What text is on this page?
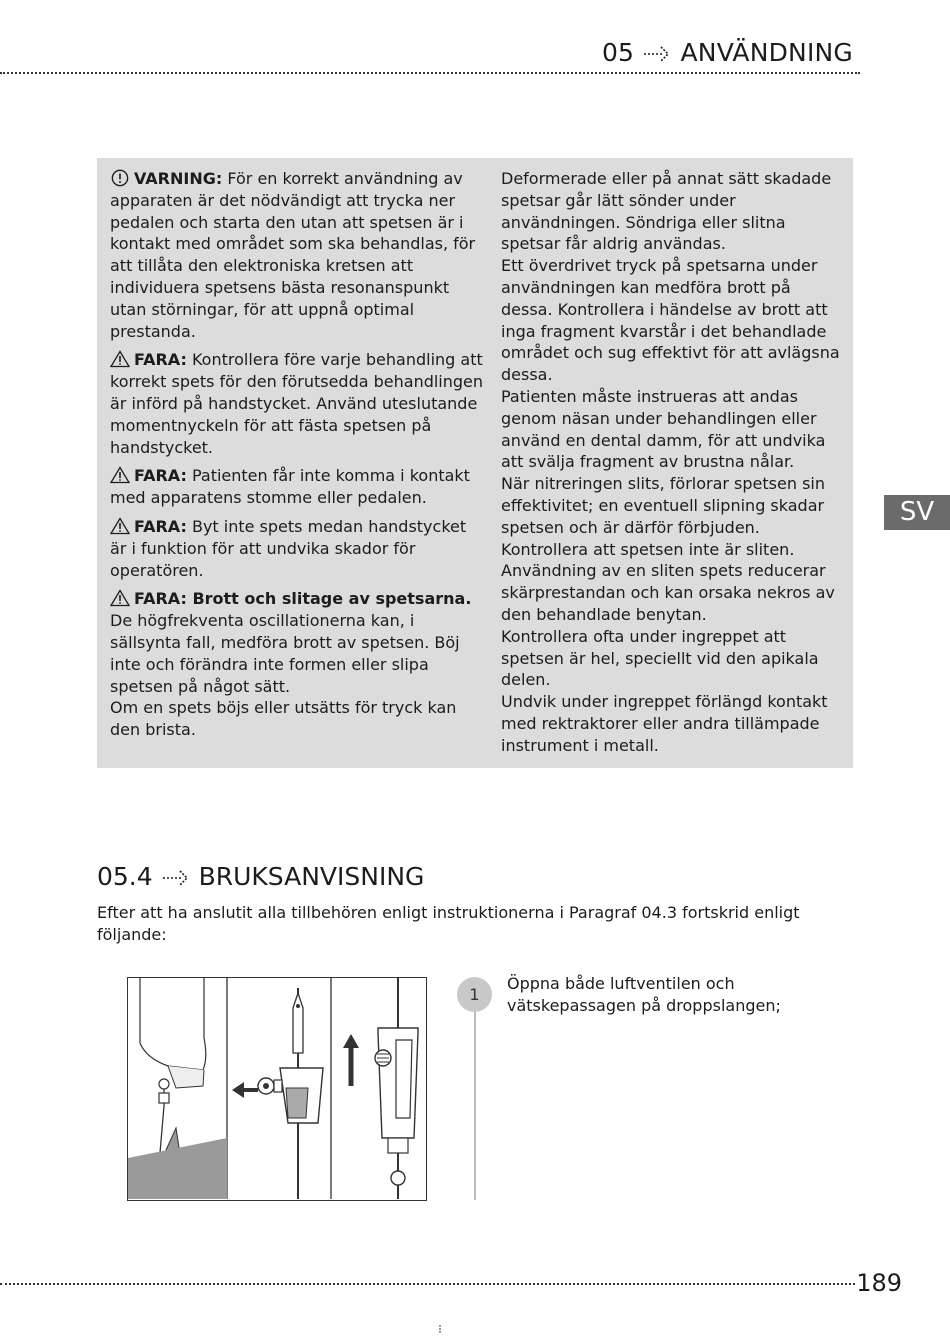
05 ANVÄNDNING

VARNING: För en korrekt användning av apparaten är det nödvändigt att trycka ner pedalen och starta den utan att spetsen är i kontakt med området som ska behandlas, för att tillåta den elektroniska kretsen att individuera spetsens bästa resonanspunkt utan störningar, för att uppnå optimal prestanda.

FARA: Kontrollera före varje behandling att korrekt spets för den förutsedda behandlingen är införd på handstycket. Använd uteslutande momentnyckeln för att fästa spetsen på handstycket.

FARA: Patienten får inte komma i kontakt med apparatens stomme eller pedalen.

FARA: Byt inte spets medan handstycket är i funktion för att undvika skador för operatören.

FARA: Brott och slitage av spetsarna.
De högfrekventa oscillationerna kan, i sällsynta fall, medföra brott av spetsen. Böj inte och förändra inte formen eller slipa spetsen på något sätt.
Om en spets böjs eller utsätts för tryck kan den brista.

Deformerade eller på annat sätt skadade spetsar går lätt sönder under användningen. Söndriga eller slitna spetsar får aldrig användas.
Ett överdrivet tryck på spetsarna under användningen kan medföra brott på dessa. Kontrollera i händelse av brott att inga fragment kvarstår i det behandlade området och sug effektivt för att avlägsna dessa.
Patienten måste instrueras att andas genom näsan under behandlingen eller använd en dental damm, för att undvika att svälja fragment av brustna nålar.
När nitreringen slits, förlorar spetsen sin effektivitet; en eventuell slipning skadar spetsen och är därför förbjuden.
Kontrollera att spetsen inte är sliten.
Användning av en sliten spets reducerar skärprestandan och kan orsaka nekros av den behandlade benytan.
Kontrollera ofta under ingreppet att spetsen är hel, speciellt vid den apikala delen.
Undvik under ingreppet förlängd kontakt med rektraktorer eller andra tillämpade instrument i metall.
SV
05.4 BRUKSANVISNING

Efter att ha anslutit alla tillbehören enligt instruktionerna i Paragraf 04.3 fortskrid enligt följande:

1

Öppna både luftventilen och vätskepassagen på droppslangen;

189
